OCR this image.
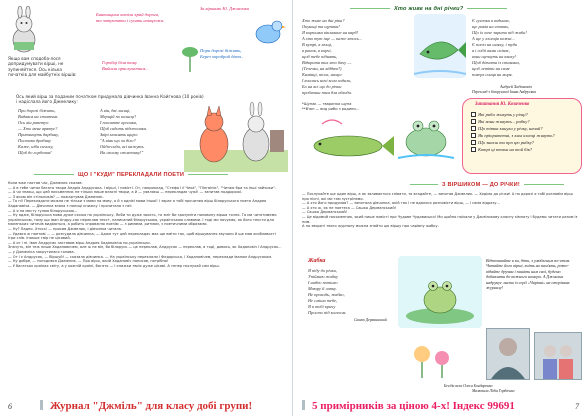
Якщо вам сподоба-лося допридумувати вірші, не зупиняйтеся. Ось кілька початків для майбутніх віршів:
За віршами Ю. Джмелика
Бантащиха хотіла край дороги,
та затуптати і сушть нокорожи.
Пори дорозі біжить,
Берез хоробрий дівоч..
Горобці біля тину
Вийшли прислухатися...
Ось який вірш за поданим початком придумала дівчинка Іванна Кайгнова (10 років) і надіслала його Джмелику:
При дорозі біжить,
Видався на стовпчик.
Ось він рапетух:
— Хто мене врятує?
Притягнуть дарбину,
Постави драбину
Каже, ніби сичиху,
Щоб до горбочка!
А він, дві лисиці,
Мерщій по колисці!
І похлипте кролика,
Щоб сидить підстолика.
Звірі мовлять щиро:
"А ніяк що за діло?
Ойди-сиди, всі кажуть.
На своєму стовпчику!"
ЩО І "КУДИ" ПЕРЕКЛАДАЛИ ПОЕТИ
Коли вже настав час, Джмелик сказав:
— А в тебе читає багато твори Андрія Андрусяка. І вірші, і повісті. От, наприклад, "Стефа і її Чеха", "Пінгвінік", "Читаю 6ра та Інші зайчики".
— А чи знаєш, що цей письменник не тільки пише власні твори, а й — уявляєш — перекладає чужі! — запитав поддорожі.
— З якою він стільників? — пожартував Джмелик.
— Та ні! Перекладати можна не тільки з мови на мову, а й з однієї мови іншої! І зараз я тобі прочитаю вірш білоруського поета Андрея Хадановіча. — Дівчинка взяла з полиці книжку і прочитала з неї:
— А я на мосту гулаю білоруською...
— Ну адже, білоруська мова дуже схожа на українську. Якби ти дуже захоть, то зміг би зрозуміти половину вірша точно. Та ми читатимемо українською, тому що Іван Андру-сяк переклав текст, написаний білоруською, українською словами. І тоді ми почуємо, як його тексти для маленьких читачів видаються, а робить справжню поезію — з римами, ритмом, з поетичними образами.
— Ну? Ладно. Хтось! — просив Джмелик, і дівчинка читала.
— Удався ж поетові ... — розсудила дівчинка, — Адже тут цей перекладач має ще вміти так, щоб віршування звучали й ще мав особливості ігри слів. Інакше твір не цікавий.
— А от і ні. Іван Андрусяк заставив вірш Андрея Хадановіча по-українськи.
Значуть, він теж пише Хадановичем, але ж не він, бо білорусь — це переклав, Андрусяк — переклав, а тоді, дивись, як Хадановіч і Андрусяк... — у Джмеліка закрутилася голова.
— От і є Андрусяк, — Віршуй! — сказала дівчинка. — На українську переклали і Федорська, і Хадановічем, переклади Іваном Андрусяком.
— Ну добре, — погодився Джмелик. — Про вірш, який Хадановіч написав, потрібно!
— У багатьох країнах світу, а у кожній країні, багато — і книжки твоїх дуже цікаві. А тепер послухай сам вірш.
6	Журнал "Джміль" для класу добі групи!
Хто живе на дні річки?
Хто живе на дні ріки?
Окуньці та щупаки!
Я корюшка віклаване на карб!
А хто тут іще — каже хтось...
В вутрі, в лющі,
в ранок, в корчі,
щоб тебе піднять,
Відкрити тих хто бачу —
(Течечко, на віддачі!)
Камінці, пісок, намул
І вчилась ночі коли ходили,
Бо на всі що до річки
пробачиш тим для обходи.
Є гусачка в водинах,
ще раків на ставах,
Що їх хоче зарити під жаби!
А ще у хлопців кожні...
Є попіл на шляху, і туди
я і собіі вами співає,
вони щезнуть на кваху!
Щоб дівчата із ставами,
щоб летіти на саме
поверх сонця на моря.
Андрей Хадановіч
Переклад з білоруської Івана Андрусяка
*Щупак — тваринка щупа
**В'юн — вид риби з родини...
Запитання Ю. Козаченко
Які риби живуть у річці?
Які вони живуть... рибку?
Що тітка кинула у річку, начай?
Як пріоритетні, з ким хлопці живуть?
Що знаєш ти про цю рибку?
Котрі ці птахи на той бік?
З ВІРШИКОМ — ДО РІЧКИ!
— Послухайте ще один вірш, а як заливається співати, то вгадайте, — запитав Джмелик. — Ходімо до річки! А по дорозі я тобі розповім вірш про пісні, які ми там зустрінемо.
— А хто його придумав? — запитала дівчинка, якій так і не вдалося розповісти вірш, — і сама відразу...
— А хто ж, як не поетеса — Сашко Дерманський!
— Сашко Дерманський!
— Це відомий письменник, який пише повісті про Чудове Чудовисько! Ми щойно поїхали у Джміликову класну кімнату і будемо читати разом із ним.
А на звороті твого журналу можна знайти цю віршу про чарівну жабку.
Жабка
Я піду до річки,
Упіймаю жабку
І надію потіихо
Маюру її лапку.
Не проходь, жабко,
Не сміши тебе,
Я в тобі кричу
Просто під колесом.
Сашко Дерманський
Відпочивайте в ви, діти, з улюбленим по-етом. Читайте його вірші, вчіть на пам'ять, розпо-відайте друзям і пишіть нам свої, будемо добавляти до кожного номера. А Джмелик надрукує листи із серії «Чарівні» на сторінках журналу!
Бесіди вела Олеся Бондаренко
Малювала Лідія Гордієнко
5 примірників за ціною 4-х! Індекс 99691	7
